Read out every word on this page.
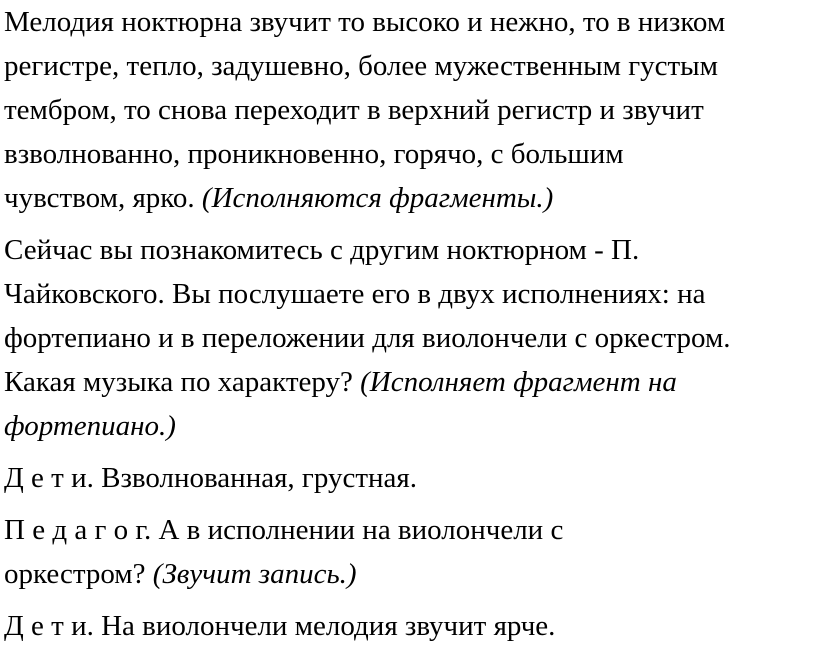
Мелодия ноктюрна звучит то высоко и нежно, то в низком
регистре, тепло, задушевно, более мужественным густым
тембром, то снова переходит в верхний регистр и звучит
взволнованно, проникновенно, горячо, с большим
чувством, ярко. (Исполняются фрагменты.)
Сейчас вы познакомитесь с другим ноктюрном - П.
Чайковского. Вы послушаете его в двух исполнениях: на
фортепиано и в переложении для виолончели с оркестром.
Какая музыка по характеру? (Исполняет фрагмент на
фортепиано.)
Д е т и. Взволнованная, грустная.
П е д а г о г. А в исполнении на виолончели с
оркестром? (Звучит запись.)
Д е т и. На виолончели мелодия звучит ярче.
